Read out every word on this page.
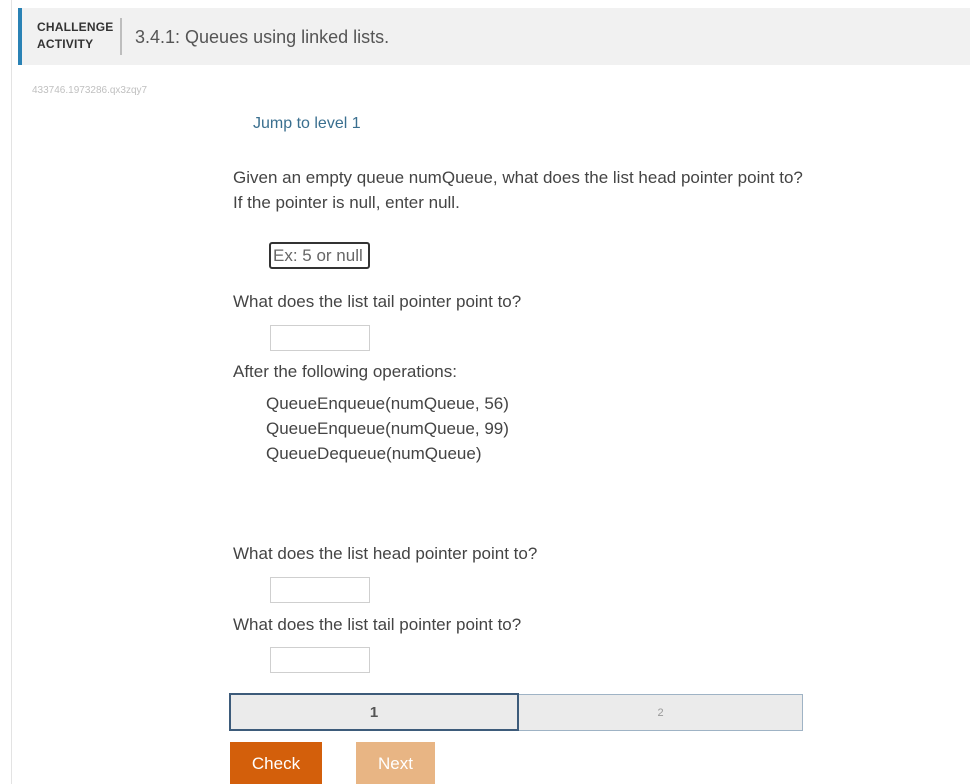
CHALLENGE
ACTIVITY	3.4.1: Queues using linked lists.
433746.1973286.qx3zqy7
Jump to level 1
Given an empty queue numQueue, what does the list head pointer point to? If the pointer is null, enter null.
Ex: 5 or null
What does the list tail pointer point to?
After the following operations:
QueueEnqueue(numQueue, 56)
QueueEnqueue(numQueue, 99)
QueueDequeue(numQueue)
What does the list head pointer point to?
What does the list tail pointer point to?
1	2
Check	Next
